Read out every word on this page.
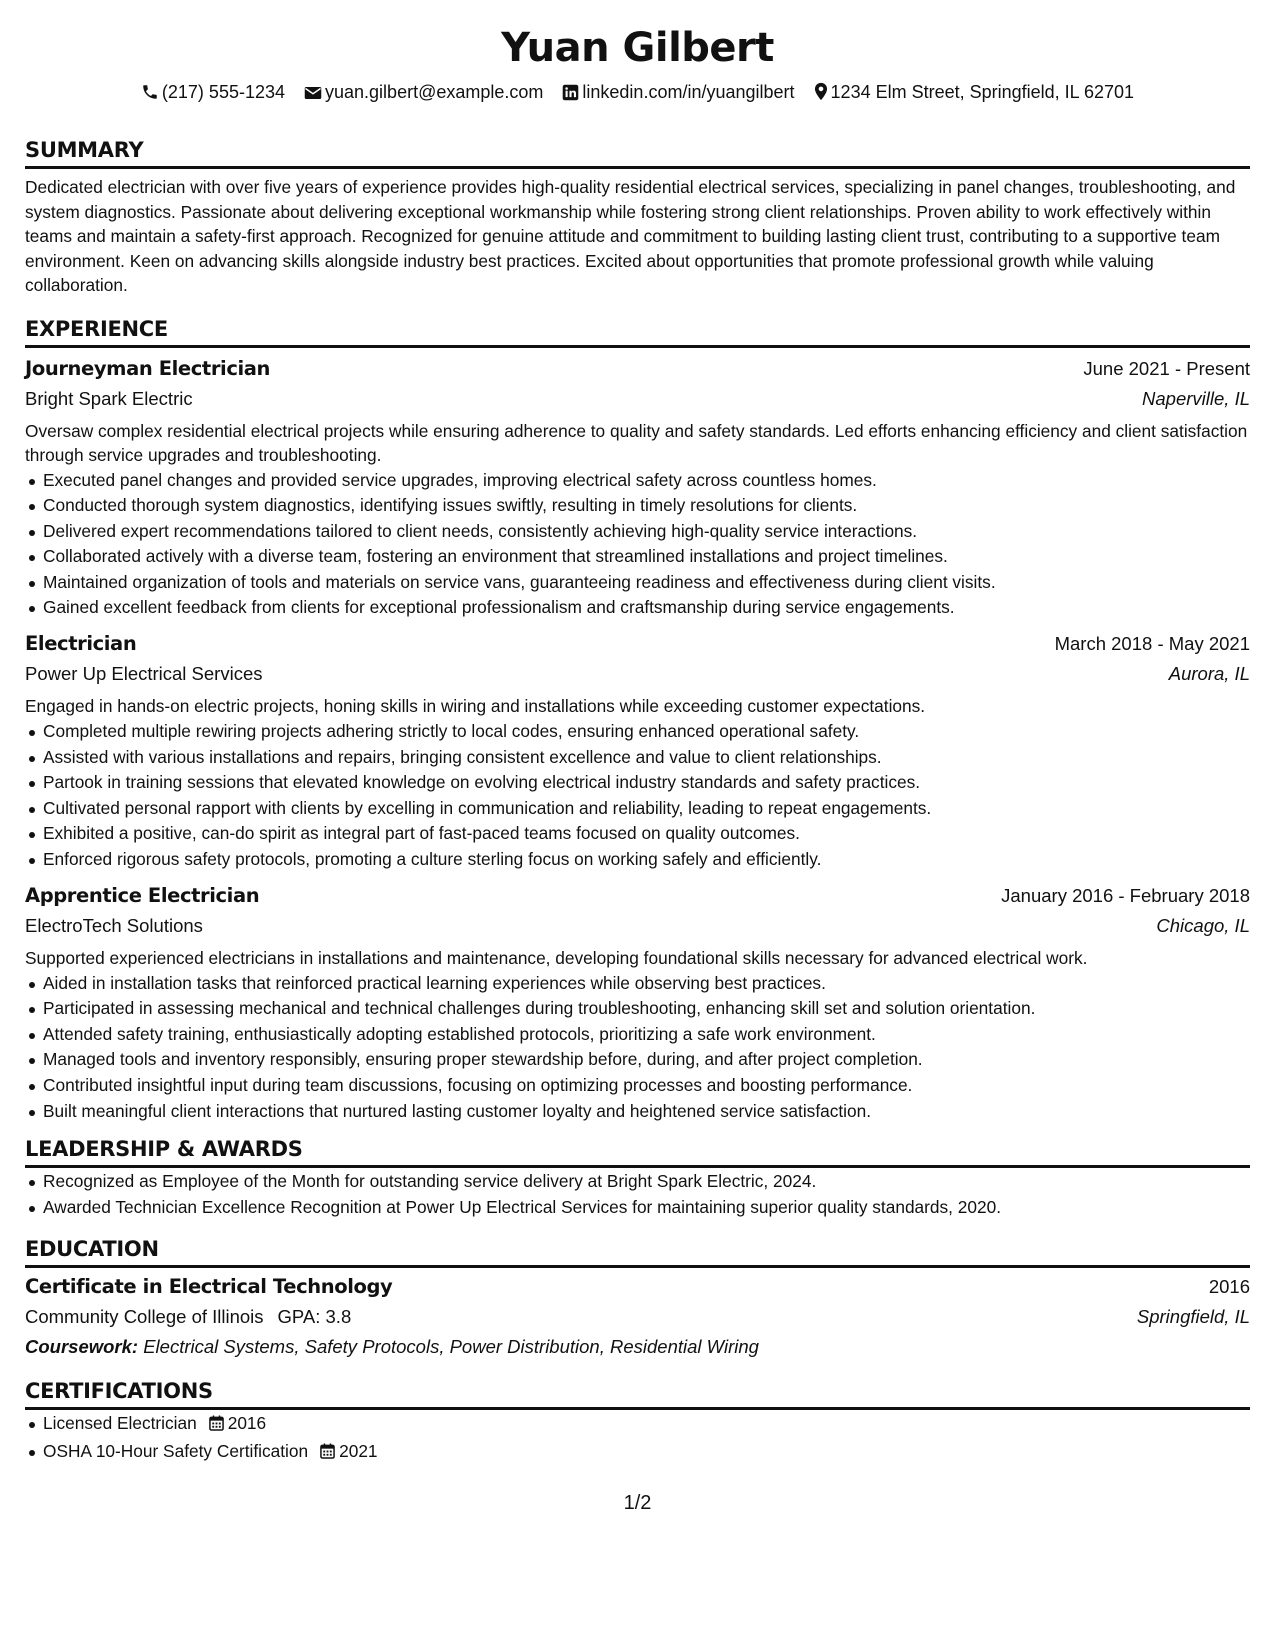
Yuan Gilbert
(217) 555-1234 yuan.gilbert@example.com linkedin.com/in/yuangilbert 1234 Elm Street, Springfield, IL 62701
SUMMARY
Dedicated electrician with over five years of experience provides high-quality residential electrical services, specializing in panel changes, troubleshooting, and system diagnostics. Passionate about delivering exceptional workmanship while fostering strong client relationships. Proven ability to work effectively within teams and maintain a safety-first approach. Recognized for genuine attitude and commitment to building lasting client trust, contributing to a supportive team environment. Keen on advancing skills alongside industry best practices. Excited about opportunities that promote professional growth while valuing collaboration.
EXPERIENCE
Journeyman Electrician	June 2021 - Present
Bright Spark Electric	Naperville, IL
Oversaw complex residential electrical projects while ensuring adherence to quality and safety standards. Led efforts enhancing efficiency and client satisfaction through service upgrades and troubleshooting.
Executed panel changes and provided service upgrades, improving electrical safety across countless homes.
Conducted thorough system diagnostics, identifying issues swiftly, resulting in timely resolutions for clients.
Delivered expert recommendations tailored to client needs, consistently achieving high-quality service interactions.
Collaborated actively with a diverse team, fostering an environment that streamlined installations and project timelines.
Maintained organization of tools and materials on service vans, guaranteeing readiness and effectiveness during client visits.
Gained excellent feedback from clients for exceptional professionalism and craftsmanship during service engagements.
Electrician	March 2018 - May 2021
Power Up Electrical Services	Aurora, IL
Engaged in hands-on electric projects, honing skills in wiring and installations while exceeding customer expectations.
Completed multiple rewiring projects adhering strictly to local codes, ensuring enhanced operational safety.
Assisted with various installations and repairs, bringing consistent excellence and value to client relationships.
Partook in training sessions that elevated knowledge on evolving electrical industry standards and safety practices.
Cultivated personal rapport with clients by excelling in communication and reliability, leading to repeat engagements.
Exhibited a positive, can-do spirit as integral part of fast-paced teams focused on quality outcomes.
Enforced rigorous safety protocols, promoting a culture sterling focus on working safely and efficiently.
Apprentice Electrician	January 2016 - February 2018
ElectroTech Solutions	Chicago, IL
Supported experienced electricians in installations and maintenance, developing foundational skills necessary for advanced electrical work.
Aided in installation tasks that reinforced practical learning experiences while observing best practices.
Participated in assessing mechanical and technical challenges during troubleshooting, enhancing skill set and solution orientation.
Attended safety training, enthusiastically adopting established protocols, prioritizing a safe work environment.
Managed tools and inventory responsibly, ensuring proper stewardship before, during, and after project completion.
Contributed insightful input during team discussions, focusing on optimizing processes and boosting performance.
Built meaningful client interactions that nurtured lasting customer loyalty and heightened service satisfaction.
LEADERSHIP & AWARDS
Recognized as Employee of the Month for outstanding service delivery at Bright Spark Electric, 2024.
Awarded Technician Excellence Recognition at Power Up Electrical Services for maintaining superior quality standards, 2020.
EDUCATION
Certificate in Electrical Technology	2016
Community College of Illinois GPA: 3.8	Springfield, IL
Coursework: Electrical Systems, Safety Protocols, Power Distribution, Residential Wiring
CERTIFICATIONS
Licensed Electrician 2016
OSHA 10-Hour Safety Certification 2021
1/2
